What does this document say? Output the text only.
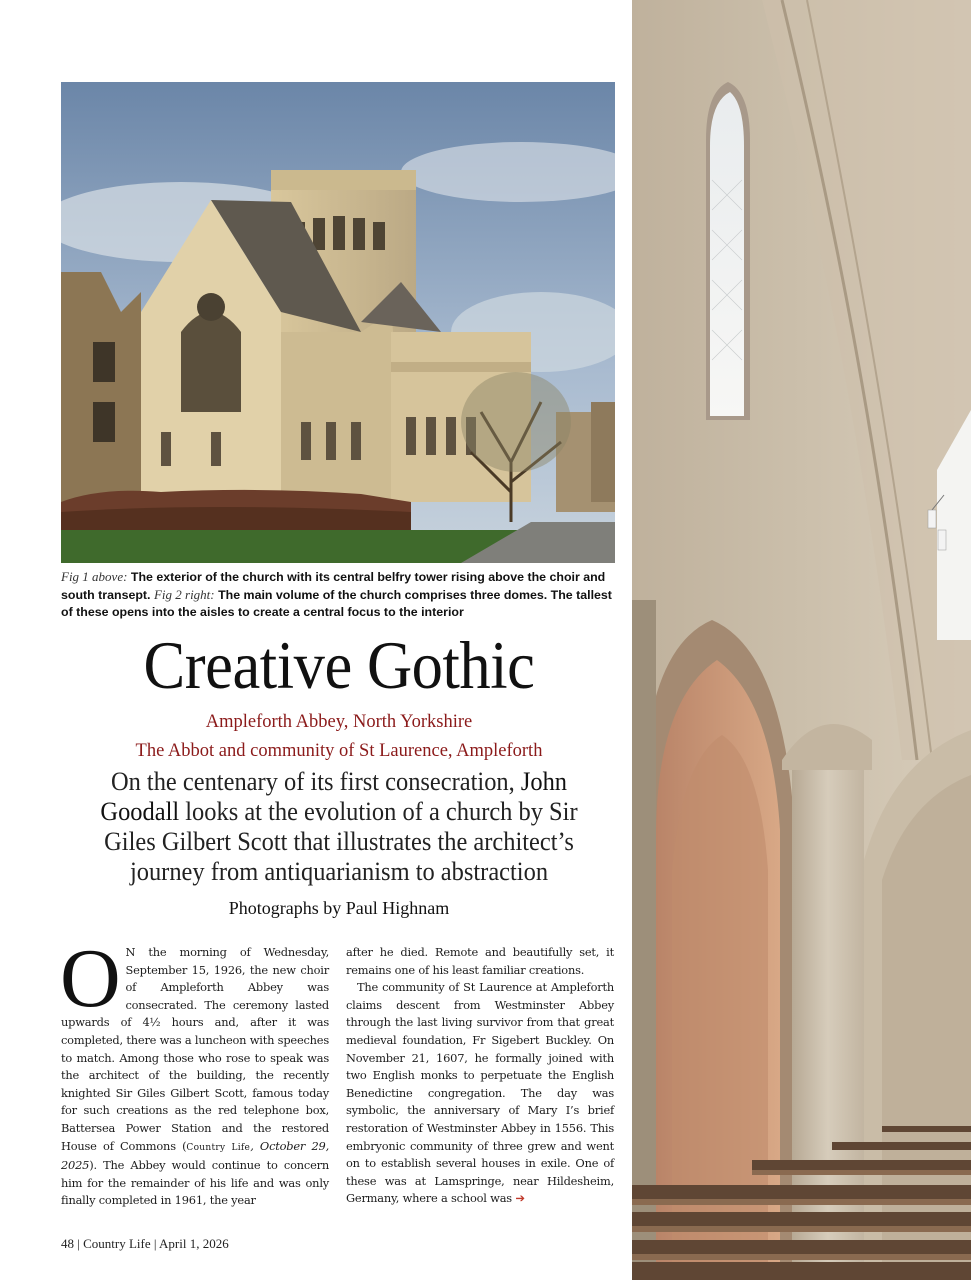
Fig 1 above: The exterior of the church with its central belfry tower rising above the choir and south transept. Fig 2 right: The main volume of the church comprises three domes. The tallest of these opens into the aisles to create a central focus to the interior
Creative Gothic
Ampleforth Abbey, North Yorkshire
The Abbot and community of St Laurence, Ampleforth
On the centenary of its first consecration, John Goodall looks at the evolution of a church by Sir Giles Gilbert Scott that illustrates the architect’s journey from antiquarianism to abstraction
Photographs by Paul Highnam

O N the morning of Wednesday, September 15, 1926, the new choir of Ampleforth Abbey was consecrated. The ceremony lasted upwards of 4½ hours and, after it was completed, there was a luncheon with speeches to match. Among those who rose to speak was the architect of the building, the recently knighted Sir Giles Gilbert Scott, famous today for such creations as the red telephone box, Battersea Power Station and the restored House of Commons (Country Life, October 29, 2025). The Abbey would continue to concern him for the remainder of his life and was only finally completed in 1961, the year

after he died. Remote and beautifully set, it remains one of his least familiar creations.

The community of St Laurence at Ampleforth claims descent from Westminster Abbey through the last living survivor from that great medieval foundation, Fr Sigebert Buckley. On November 21, 1607, he formally joined with two English monks to perpetuate the English Benedictine congregation. The day was symbolic, the anniversary of Mary I’s brief restoration of Westminster Abbey in 1556. This embryonic community of three grew and went on to establish several houses in exile. One of these was at Lamspringe, near Hildesheim, Germany, where a school was ➔

48 | Country Life | April 1, 2026
